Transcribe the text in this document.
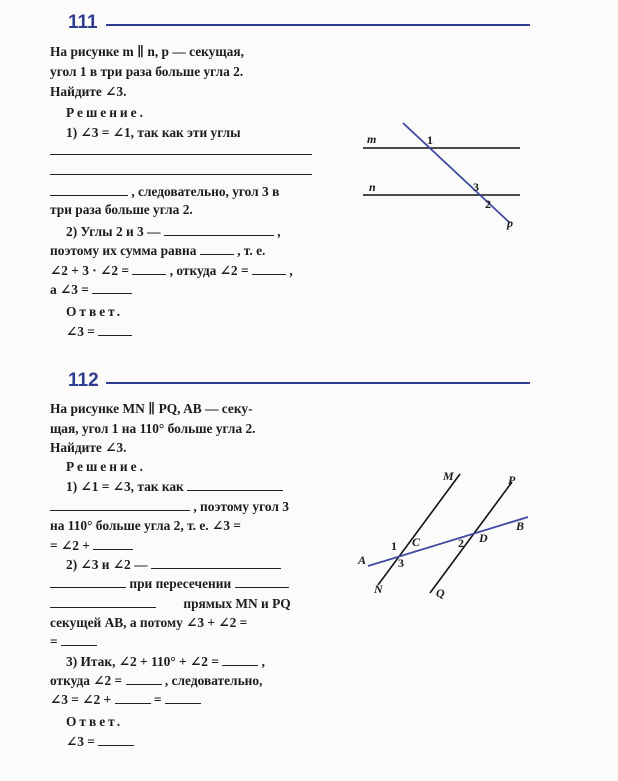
111
На рисунке m ∥ n, p — секущая,
угол 1 в три раза больше угла 2.
Найдите ∠3.
Решение.
1) ∠3 = ∠1, так как эти углы
, следовательно, угол 3 в
три раза больше угла 2.
2) Углы 2 и 3 —	,
поэтому их сумма равна	, т. е.
∠2 + 3 · ∠2 =	, откуда ∠2 =	,
а ∠3 =
Ответ.
∠3 =
m
n
p
1
2
3
112
На рисунке MN ∥ PQ, AB — секу-
щая, угол 1 на 110° больше угла 2.
Найдите ∠3.
Решение.
1) ∠1 = ∠3, так как
, поэтому угол 3
на 110° больше угла 2, т. е. ∠3 =
= ∠2 +
2) ∠3 и ∠2 —
при пересечении
прямых MN и PQ
секущей AB, а потому ∠3 + ∠2 =
=
3) Итак, ∠2 + 110° + ∠2 =	,
откуда ∠2 =	, следовательно,
∠3 = ∠2 +	=
Ответ.
∠3 =
M	P
N	Q
A
B
C	D
1	2
3
